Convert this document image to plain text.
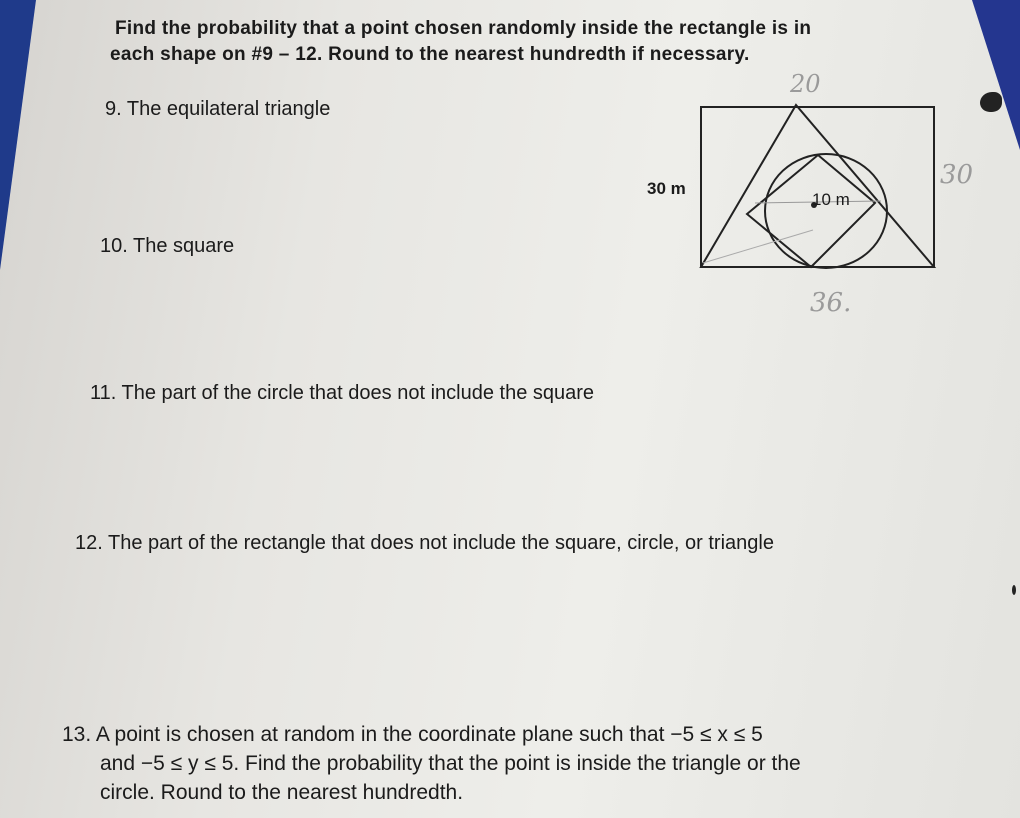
Find the probability that a point chosen randomly inside the rectangle is in
each shape on #9 – 12. Round to the nearest hundredth if necessary.
9. The equilateral triangle
10. The square
11. The part of the circle that does not include the square
12. The part of the rectangle that does not include the square, circle, or triangle
13. A point is chosen at random in the coordinate plane such that −5 ≤ x ≤ 5
and −5 ≤ y ≤ 5. Find the probability that the point is inside the triangle or the
circle. Round to the nearest hundredth.
30 m
10 m
20
30
36.
